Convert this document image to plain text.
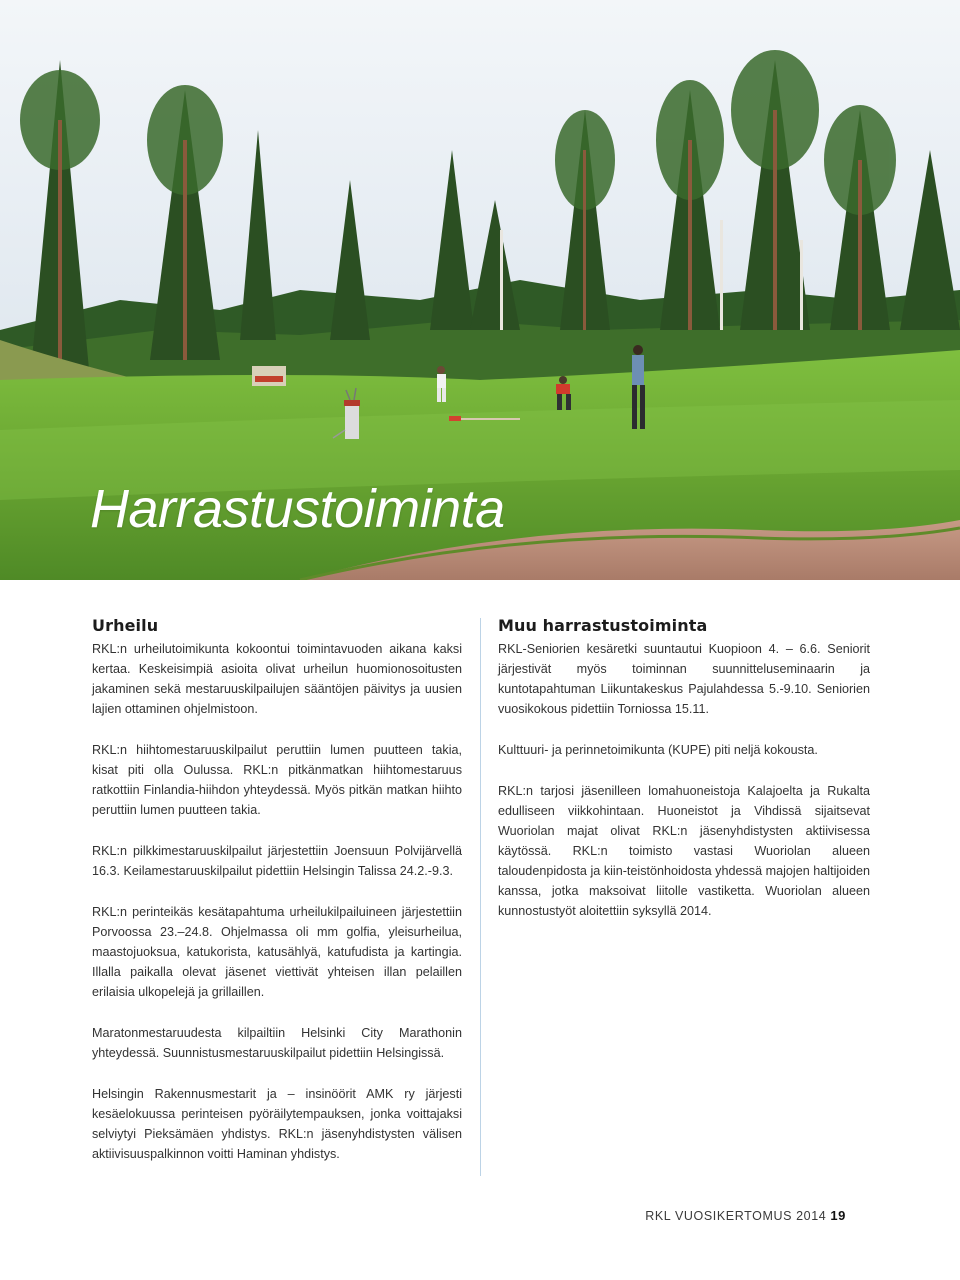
Harrastustoiminta
Urheilu

RKL:n urheilutoimikunta kokoontui toimintavuoden aikana kaksi kertaa. Keskeisimpiä asioita olivat urheilun huomionosoitusten jakaminen sekä mestaruuskilpailujen sääntöjen päivitys ja uusien lajien ottaminen ohjelmistoon.

RKL:n hiihtomestaruuskilpailut peruttiin lumen puutteen takia, kisat piti olla Oulussa. RKL:n pitkänmatkan hiihtomestaruus ratkottiin Finlandia-hiihdon yhteydessä. Myös pitkän matkan hiihto peruttiin lumen puutteen takia.

RKL:n pilkkimestaruuskilpailut järjestettiin Joensuun Polvijärvellä 16.3. Keilamestaruuskilpailut pidettiin Helsingin Talissa 24.2.-9.3.

RKL:n perinteikäs kesätapahtuma urheilukilpailuineen järjestettiin Porvoossa 23.–24.8. Ohjelmassa oli mm golfia, yleisurheilua, maastojuoksua, katukorista, katusählyä, katufudista ja kartingia. Illalla paikalla olevat jäsenet viettivät yhteisen illan pelaillen erilaisia ulkopelejä ja grillaillen.

Maratonmestaruudesta kilpailtiin Helsinki City Marathonin yhteydessä. Suunnistusmestaruuskilpailut pidettiin Helsingissä.

Helsingin Rakennusmestarit ja – insinöörit AMK ry järjesti kesäelokuussa perinteisen pyöräilytempauksen, jonka voittajaksi selviytyi Pieksämäen yhdistys. RKL:n jäsenyhdistysten välisen aktiivisuuspalkinnon voitti Haminan yhdistys.

Muu harrastustoiminta

RKL-Seniorien kesäretki suuntautui Kuopioon 4. – 6.6. Seniorit järjestivät myös toiminnan suunnitteluseminaarin ja kuntotapahtuman Liikuntakeskus Pajulahdessa 5.-9.10. Seniorien vuosikokous pidettiin Torniossa 15.11.

Kulttuuri- ja perinnetoimikunta (KUPE) piti neljä kokousta.

RKL:n tarjosi jäsenilleen lomahuoneistoja Kalajoelta ja Rukalta edulliseen viikkohintaan. Huoneistot ja Vihdissä sijaitsevat Wuoriolan majat olivat RKL:n jäsenyhdistysten aktiivisessa käytössä. RKL:n toimisto vastasi Wuoriolan alueen taloudenpidosta ja kiin-teistönhoidosta yhdessä majojen haltijoiden kanssa, jotka maksoivat liitolle vastiketta. Wuoriolan alueen kunnostustyöt aloitettiin syksyllä 2014.

RKL VUOSIKERTOMUS 2014 19
